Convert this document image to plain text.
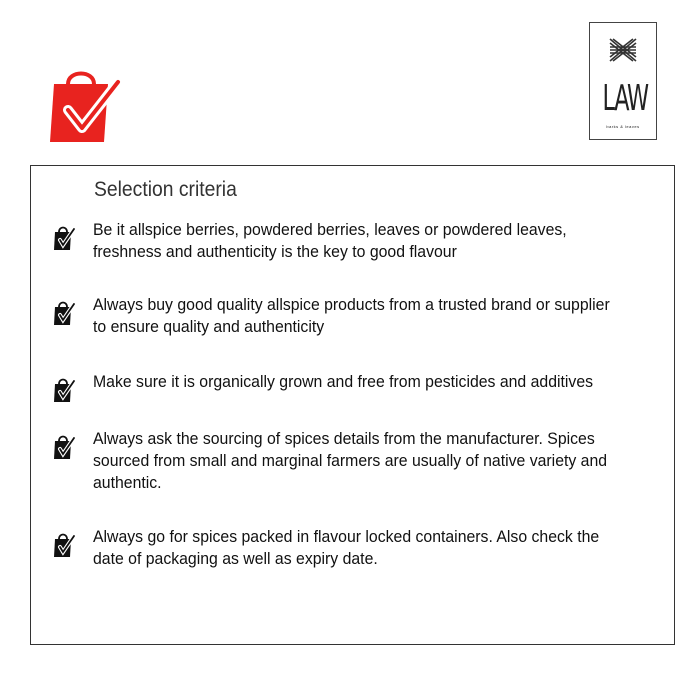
LAW
barks & leaves
Selection criteria
Be it allspice berries, powdered berries, leaves or powdered leaves, freshness and authenticity is the key to good flavour
Always buy good quality allspice products from a trusted brand or supplier to ensure quality and authenticity
Make sure it is organically grown and free from pesticides and additives
Always ask the sourcing of spices details from the manufacturer. Spices sourced from small and marginal farmers are usually of native variety and authentic.
Always go for spices packed in flavour locked containers. Also check the date of packaging as well as expiry date.
